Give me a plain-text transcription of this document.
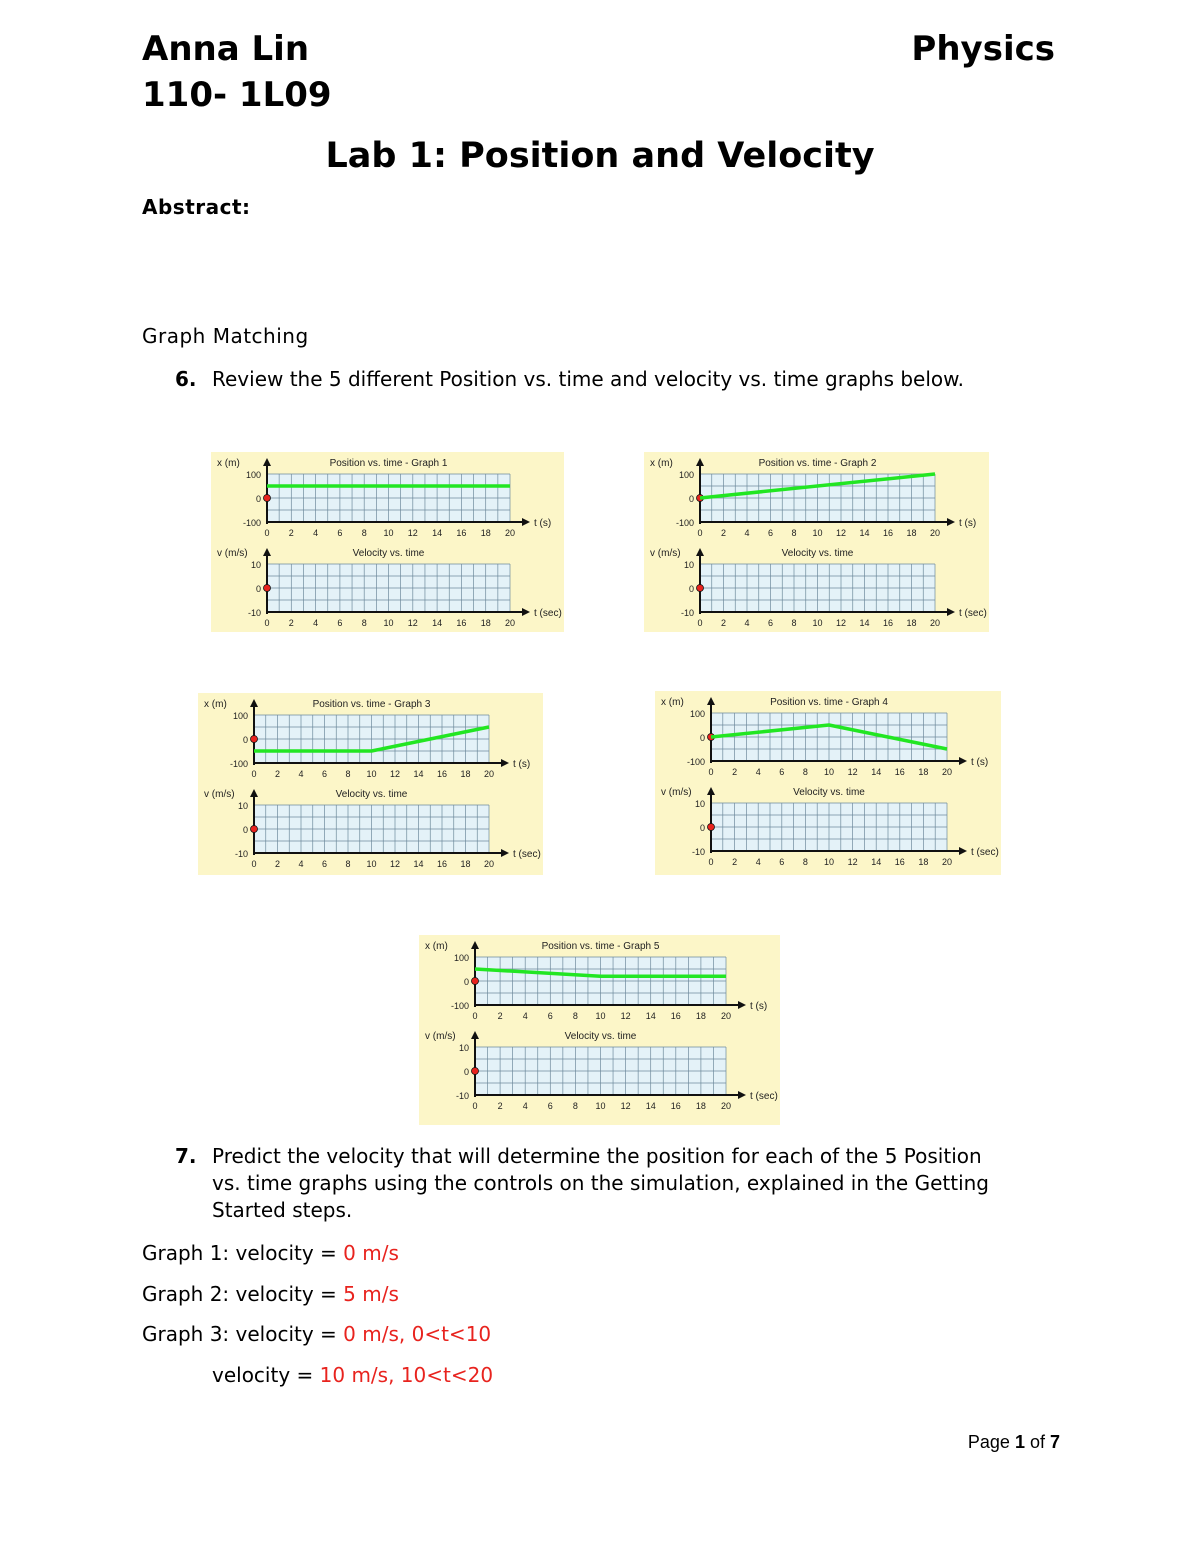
Anna Lin
110- 1L09
Physics
Lab 1: Position and Velocity
Abstract:
Graph Matching
6. Review the 5 different Position vs. time and velocity vs. time graphs below.
x (m)	Position vs. time - Graph 1
t (s)
100
0
-100
0 2 4 6 8 10 12 14 16 18 20
v (m/s)	Velocity vs. time
t (sec)
10
0
-10
0 2 4 6 8 10 12 14 16 18 20
x (m)	Position vs. time - Graph 2
t (s)
100
0
-100
0 2 4 6 8 10 12 14 16 18 20
v (m/s)	Velocity vs. time
t (sec)
10
0
-10
0 2 4 6 8 10 12 14 16 18 20
x (m)	Position vs. time - Graph 3
t (s)
100
0
-100
0 2 4 6 8 10 12 14 16 18 20
v (m/s)	Velocity vs. time
t (sec)
10
0
-10
0 2 4 6 8 10 12 14 16 18 20
x (m)	Position vs. time - Graph 4
t (s)
100
0
-100
0 2 4 6 8 10 12 14 16 18 20
v (m/s)	Velocity vs. time
t (sec)
10
0
-10
0 2 4 6 8 10 12 14 16 18 20
x (m)	Position vs. time - Graph 5
t (s)
100
0
-100
0 2 4 6 8 10 12 14 16 18 20
v (m/s)	Velocity vs. time
t (sec)
10
0
-10
0 2 4 6 8 10 12 14 16 18 20
7. Predict the velocity that will determine the position for each of the 5 Position
vs. time graphs using the controls on the simulation, explained in the Getting
Started steps.
Graph 1: velocity = 0 m/s
Graph 2: velocity = 5 m/s
Graph 3: velocity = 0 m/s, 0<t<10
velocity = 10 m/s, 10<t<20
Page 1 of 7
